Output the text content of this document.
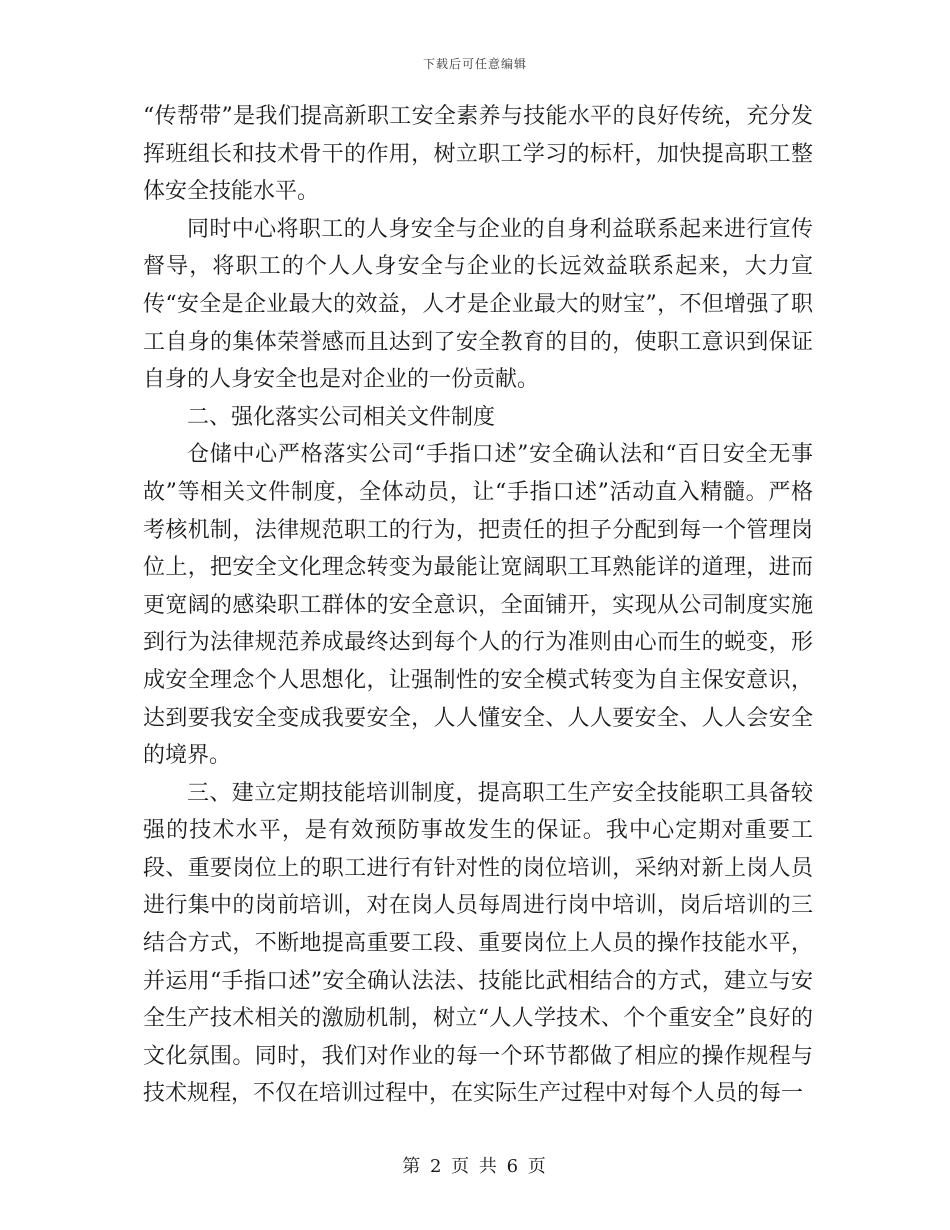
下载后可任意编辑

“传帮带”是我们提高新职工安全素养与技能水平的良好传统，充分发挥班组长和技术骨干的作用，树立职工学习的标杆，加快提高职工整体安全技能水平。

同时中心将职工的人身安全与企业的自身利益联系起来进行宣传督导，将职工的个人人身安全与企业的长远效益联系起来，大力宣传“安全是企业最大的效益，人才是企业最大的财宝”，不但增强了职工自身的集体荣誉感而且达到了安全教育的目的，使职工意识到保证自身的人身安全也是对企业的一份贡献。

二、强化落实公司相关文件制度

仓储中心严格落实公司“手指口述”安全确认法和“百日安全无事故”等相关文件制度，全体动员，让“手指口述”活动直入精髓。严格考核机制，法律规范职工的行为，把责任的担子分配到每一个管理岗位上，把安全文化理念转变为最能让宽阔职工耳熟能详的道理，进而更宽阔的感染职工群体的安全意识，全面铺开，实现从公司制度实施到行为法律规范养成最终达到每个人的行为准则由心而生的蜕变，形成安全理念个人思想化，让强制性的安全模式转变为自主保安意识，达到要我安全变成我要安全，人人懂安全、人人要安全、人人会安全的境界。

三、建立定期技能培训制度，提高职工生产安全技能职工具备较强的技术水平，是有效预防事故发生的保证。我中心定期对重要工段、重要岗位上的职工进行有针对性的岗位培训，采纳对新上岗人员进行集中的岗前培训，对在岗人员每周进行岗中培训，岗后培训的三结合方式，不断地提高重要工段、重要岗位上人员的操作技能水平，并运用“手指口述”安全确认法法、技能比武相结合的方式，建立与安全生产技术相关的激励机制，树立“人人学技术、个个重安全”良好的文化氛围。同时，我们对作业的每一个环节都做了相应的操作规程与技术规程，不仅在培训过程中，在实际生产过程中对每个人员的每一

第 2 页 共 6 页
